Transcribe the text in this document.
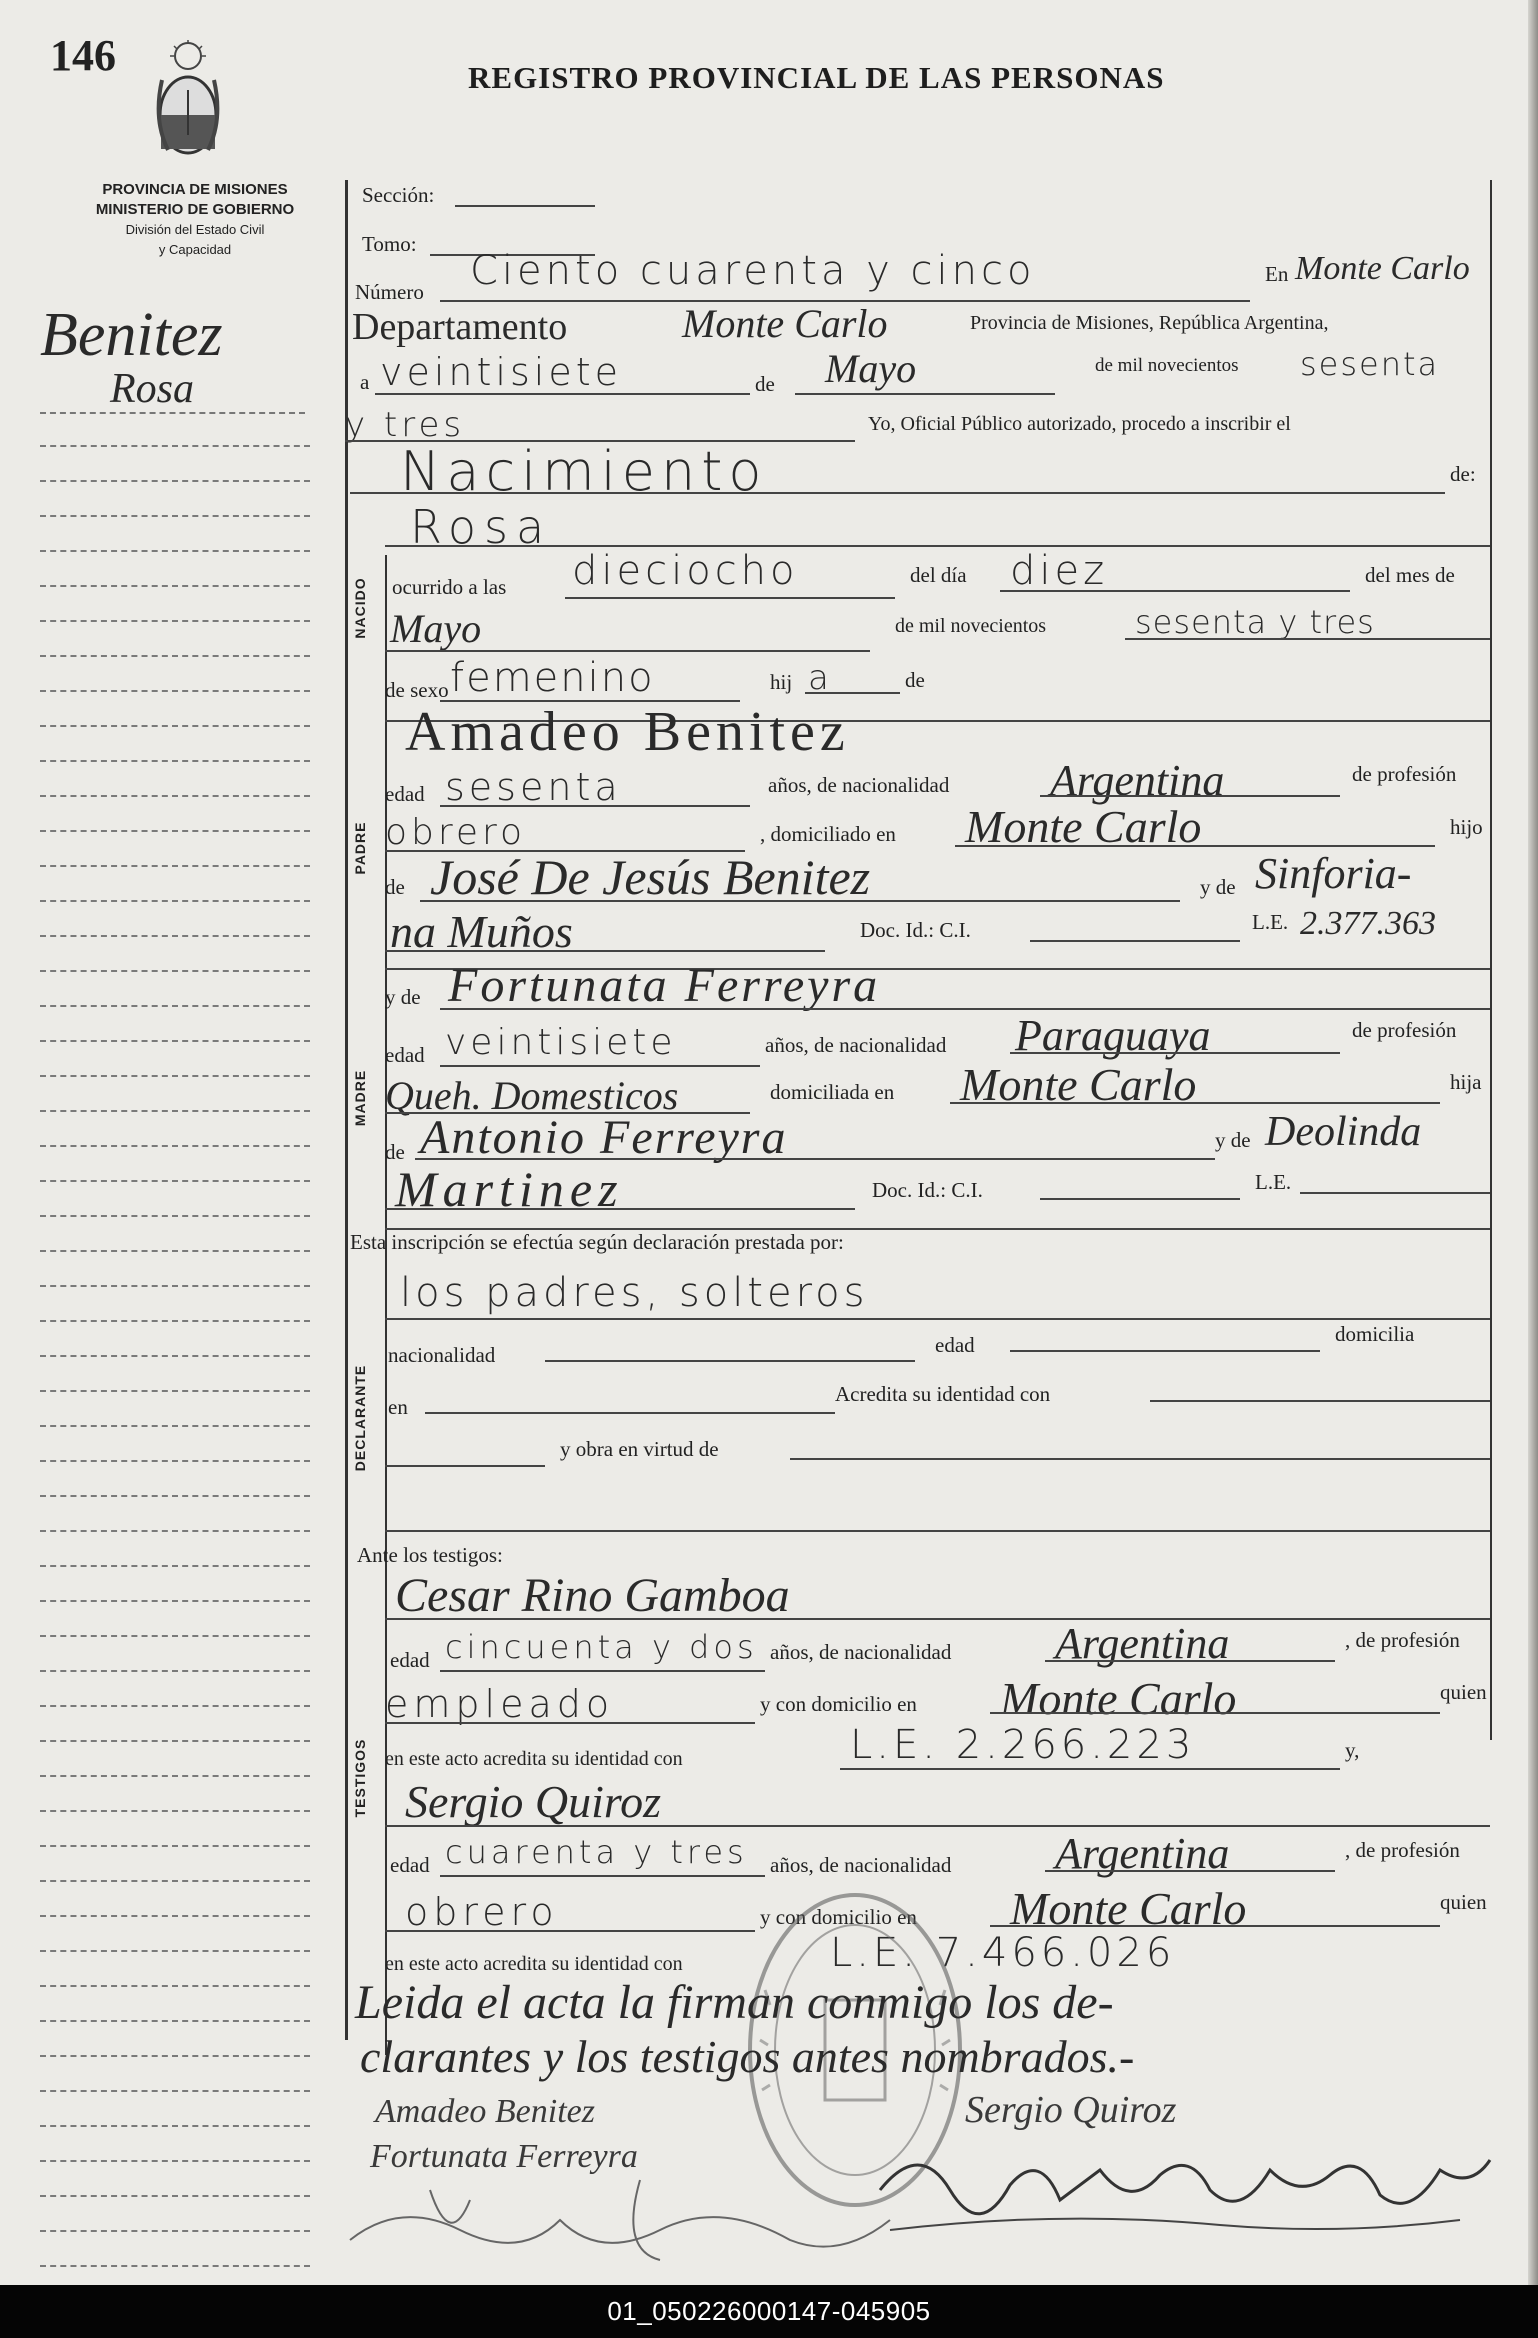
146	REGISTRO PROVINCIAL DE LAS PERSONAS
PROVINCIA DE MISIONES
MINISTERIO DE GOBIERNO
División del Estado Civil
y Capacidad
Benitez
Rosa
NACIDO
PADRE
MADRE
DECLARANTE
TESTIGOS
Sección:
Tomo:
Número Ciento cuarenta y cinco	En Monte Carlo
Departamento	Monte Carlo	Provincia de Misiones, República Argentina,
a veintisiete	de Mayo	de mil novecientos sesenta
y tres	Yo, Oficial Público autorizado, procedo a inscribir el
Nacimiento	de:
Rosa
ocurrido a las dieciocho	del día diez	del mes de
Mayo	de mil novecientos	sesenta y tres
de sexo femenino	hij a	de
Amadeo Benitez
edad sesenta	años, de nacionalidad Argentina	de profesión
obrero	, domiciliado en Monte Carlo	hijo
de José De Jesús Benitez	y de Sinforia-
na Muños	Doc. Id.: C.I.	L.E. 2.377.363
y de Fortunata Ferreyra
edad veintisiete	años, de nacionalidad Paraguaya	de profesión
Queh. Domesticos	domiciliada en Monte Carlo	hija
de Antonio Ferreyra	y de Deolinda
Martinez	Doc. Id.: C.I.	L.E.
Esta inscripción se efectúa según declaración prestada por:
los padres, solteros
nacionalidad	edad	domicilia
en
Acredita su identidad con
y obra en virtud de
Ante los testigos:
Cesar Rino Gamboa
edad cincuenta y dos años, de nacionalidad Argentina	, de profesión
empleado	y con domicilio en Monte Carlo	quien
en este acto acredita su identidad con	L.E. 2.266.223	y,
Sergio Quiroz
edad cuarenta y tres años, de nacionalidad Argentina	, de profesión
obrero	y con domicilio en Monte Carlo	quien
en este acto acredita su identidad con	L.E. 7.466.026
Leida el acta la firman conmigo los de-
clarantes y los testigos antes nombrados.-
Amadeo Benitez
Fortunata Ferreyra
Sergio Quiroz
01_050226000147-045905
